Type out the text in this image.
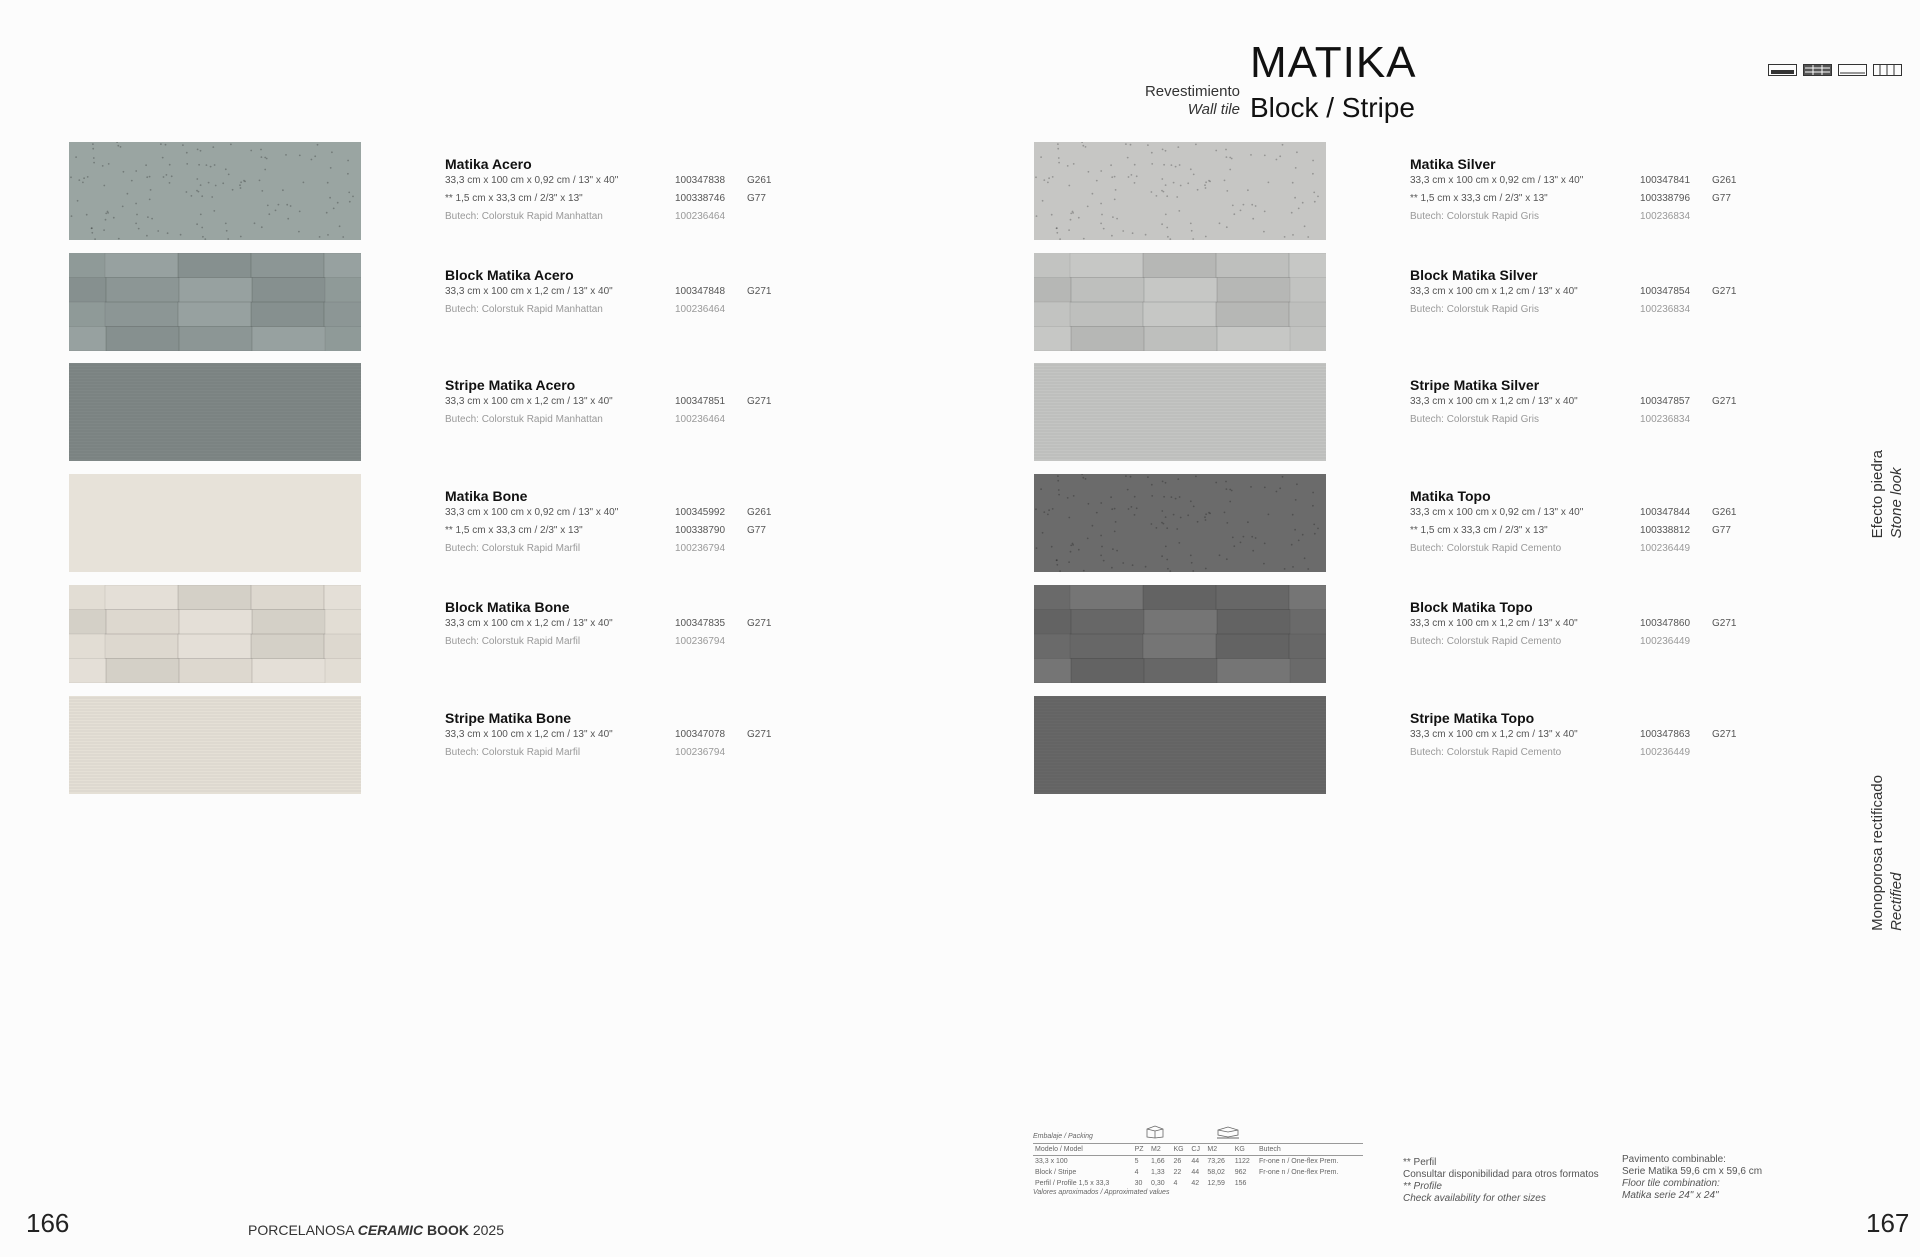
Revestimiento
Wall tile
MATIKA
Block / Stripe
Matika Acero
33,3 cm x 100 cm x 0,92 cm / 13" x 40"	100347838 G261
** 1,5 cm x 33,3 cm / 2/3" x 13"	100338746 G77
Butech: Colorstuk Rapid Manhattan	100236464
Block Matika Acero
33,3 cm x 100 cm x 1,2 cm / 13" x 40"	100347848 G271
Butech: Colorstuk Rapid Manhattan	100236464
Stripe Matika Acero
33,3 cm x 100 cm x 1,2 cm / 13" x 40"	100347851 G271
Butech: Colorstuk Rapid Manhattan	100236464
Matika Bone
33,3 cm x 100 cm x 0,92 cm / 13" x 40"	100345992 G261
** 1,5 cm x 33,3 cm / 2/3" x 13"	100338790 G77
Butech: Colorstuk Rapid Marfil	100236794
Block Matika Bone
33,3 cm x 100 cm x 1,2 cm / 13" x 40"	100347835 G271
Butech: Colorstuk Rapid Marfil	100236794
Stripe Matika Bone
33,3 cm x 100 cm x 1,2 cm / 13" x 40"	100347078 G271
Butech: Colorstuk Rapid Marfil	100236794
Matika Silver
33,3 cm x 100 cm x 0,92 cm / 13" x 40"	100347841 G261
** 1,5 cm x 33,3 cm / 2/3" x 13"	100338796 G77
Butech: Colorstuk Rapid Gris	100236834
Block Matika Silver
33,3 cm x 100 cm x 1,2 cm / 13" x 40"	100347854 G271
Butech: Colorstuk Rapid Gris	100236834
Stripe Matika Silver
33,3 cm x 100 cm x 1,2 cm / 13" x 40"	100347857 G271
Butech: Colorstuk Rapid Gris	100236834
Matika Topo
33,3 cm x 100 cm x 0,92 cm / 13" x 40"	100347844 G261
** 1,5 cm x 33,3 cm / 2/3" x 13"	100338812 G77
Butech: Colorstuk Rapid Cemento	100236449
Block Matika Topo
33,3 cm x 100 cm x 1,2 cm / 13" x 40"	100347860 G271
Butech: Colorstuk Rapid Cemento	100236449
Stripe Matika Topo
33,3 cm x 100 cm x 1,2 cm / 13" x 40"	100347863 G271
Butech: Colorstuk Rapid Cemento	100236449
Efecto piedra Stone look
Monoporosa rectificado Rectified
Embalaje / Packing
Modelo / Model	PZ	M2	KG	CJ	M2	KG	Butech
33,3 x 100	5	1,66	26	44	73,26	1122	Fr-one n / One-flex Prem.
Block / Stripe	4	1,33	22	44	58,02	962	Fr-one n / One-flex Prem.
Perfil / Profile 1,5 x 33,3	30	0,30	4	42	12,59	156	
Valores aproximados / Approximated values
** Perfil
Consultar disponibilidad para otros formatos
** Profile
Check availability for other sizes
Pavimento combinable:
Serie Matika 59,6 cm x 59,6 cm
Floor tile combination:
Matika serie 24" x 24"
166	167
PORCELANOSA CERAMIC BOOK 2025
